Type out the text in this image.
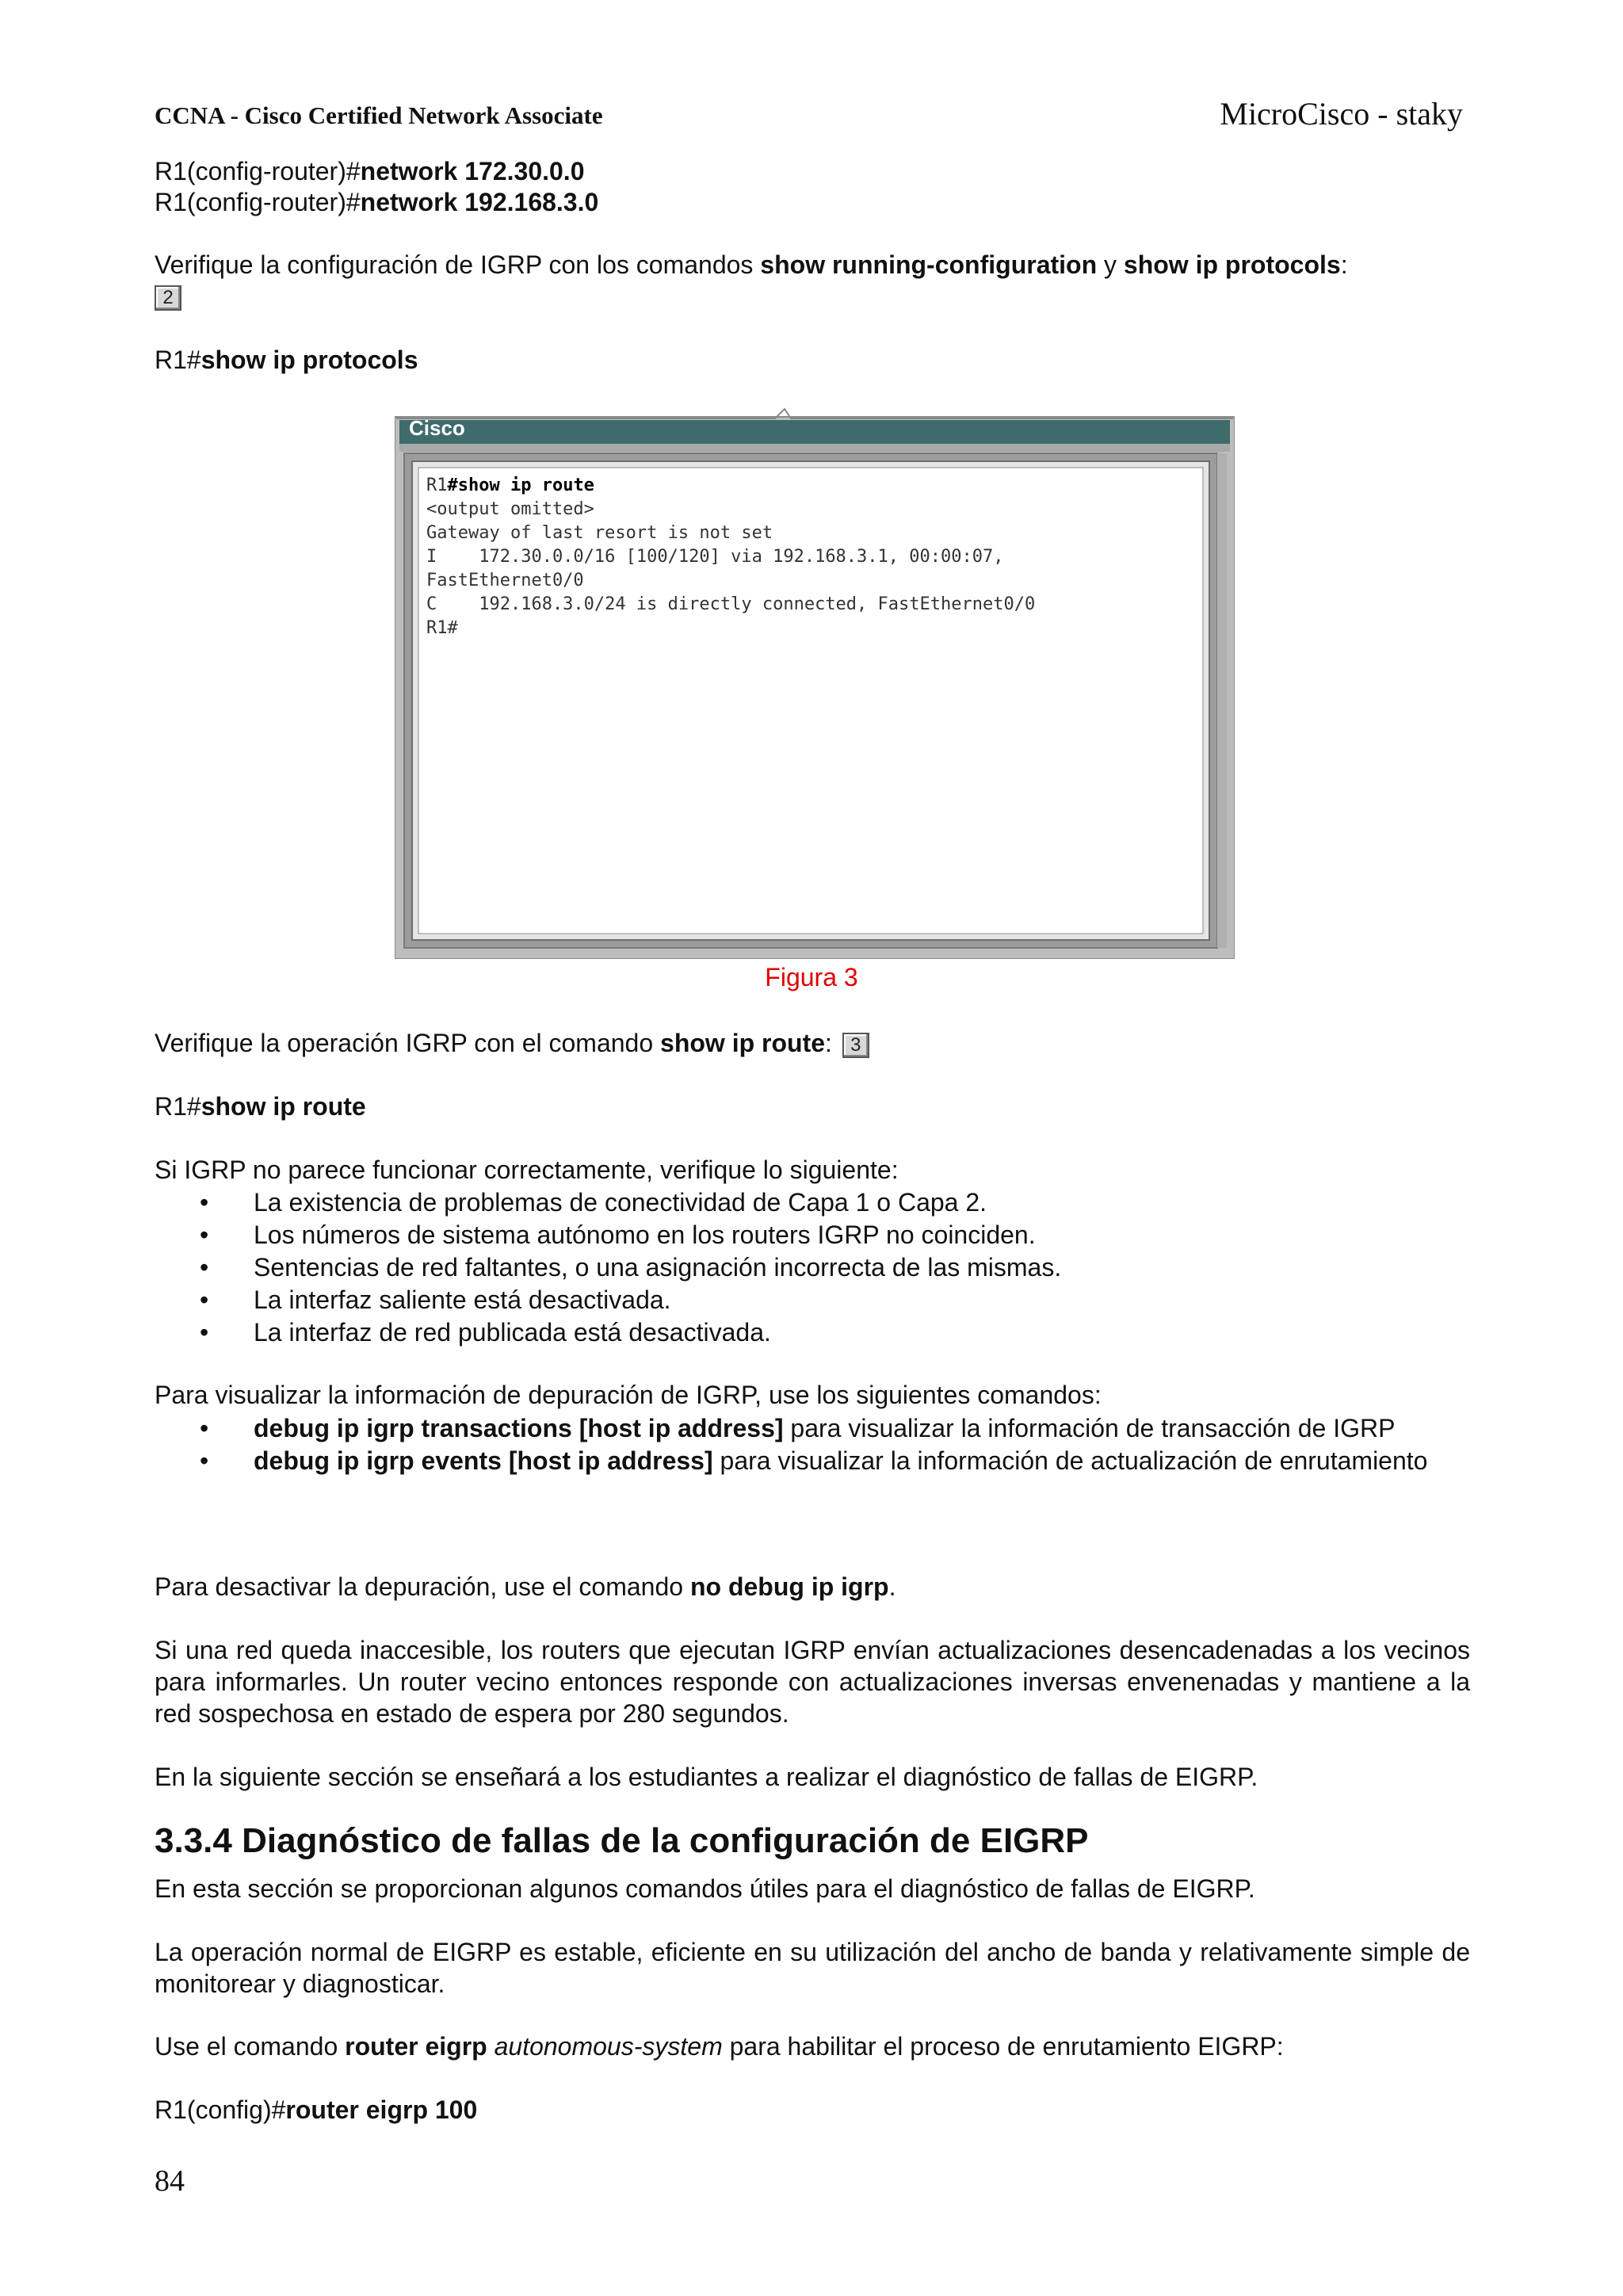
CCNA - Cisco Certified Network Associate	MicroCisco - staky
R1(config-router)#network 172.30.0.0
R1(config-router)#network 192.168.3.0
Verifique la configuración de IGRP con los comandos show running-configuration y show ip protocols:
2
R1#show ip protocols
Cisco
R1#show ip route
<output omitted>
Gateway of last resort is not set
I    172.30.0.0/16 [100/120] via 192.168.3.1, 00:00:07,
FastEthernet0/0
C    192.168.3.0/24 is directly connected, FastEthernet0/0
R1#
Figura 3
Verifique la operación IGRP con el comando show ip route: 3
R1#show ip route
Si IGRP no parece funcionar correctamente, verifique lo siguiente:
• La existencia de problemas de conectividad de Capa 1 o Capa 2.
• Los números de sistema autónomo en los routers IGRP no coinciden.
• Sentencias de red faltantes, o una asignación incorrecta de las mismas.
• La interfaz saliente está desactivada.
• La interfaz de red publicada está desactivada.
Para visualizar la información de depuración de IGRP, use los siguientes comandos:
• debug ip igrp transactions [host ip address] para visualizar la información de transacción de IGRP
• debug ip igrp events [host ip address] para visualizar la información de actualización de enrutamiento
Para desactivar la depuración, use el comando no debug ip igrp.
Si una red queda inaccesible, los routers que ejecutan IGRP envían actualizaciones desencadenadas a los vecinos para informarles. Un router vecino entonces responde con actualizaciones inversas envenenadas y mantiene a la red sospechosa en estado de espera por 280 segundos.
En la siguiente sección se enseñará a los estudiantes a realizar el diagnóstico de fallas de EIGRP.
3.3.4 Diagnóstico de fallas de la configuración de EIGRP
En esta sección se proporcionan algunos comandos útiles para el diagnóstico de fallas de EIGRP.
La operación normal de EIGRP es estable, eficiente en su utilización del ancho de banda y relativamente simple de monitorear y diagnosticar.
Use el comando router eigrp autonomous-system para habilitar el proceso de enrutamiento EIGRP:
R1(config)#router eigrp 100
84
